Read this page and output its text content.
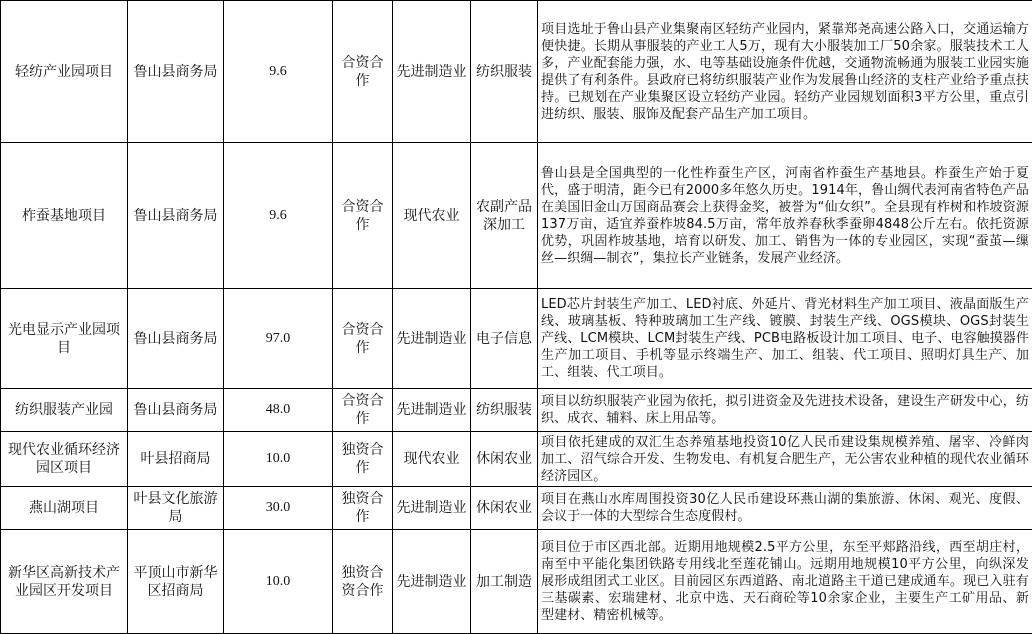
轻纺产业园项目	鲁山县商务局	9.6	合资合作	先进制造业	纺织服装	项目选址于鲁山县产业集聚南区轻纺产业园内，紧靠郑尧高速公路入口，交通运输方便快捷。长期从事服装的产业工人5万，现有大小服装加工厂50余家。服装技术工人多，产业配套能力强，水、电等基础设施条件优越，交通物流畅通为服装工业园实施提供了有利条件。县政府已将纺织服装产业作为发展鲁山经济的支柱产业给予重点扶持。已规划在产业集聚区设立轻纺产业园。轻纺产业园规划面积3平方公里，重点引进纺织、服装、服饰及配套产品生产加工项目。
柞蚕基地项目	鲁山县商务局	9.6	合资合作	现代农业	农副产品深加工	鲁山县是全国典型的一化性柞蚕生产区，河南省柞蚕生产基地县。柞蚕生产始于夏代，盛于明清，距今已有2000多年悠久历史。1914年，鲁山绸代表河南省特色产品在美国旧金山万国商品赛会上获得金奖，被誉为“仙女织”。全县现有柞树和柞坡资源137万亩，适宜养蚕柞坡84.5万亩，常年放养春秋季蚕卵4848公斤左右。依托资源优势，巩固柞坡基地，培育以研发、加工、销售为一体的专业园区，实现“蚕茧—缫丝—织绸—制衣”，集拉长产业链条，发展产业经济。
光电显示产业园项目	鲁山县商务局	97.0	合资合作	先进制造业	电子信息	LED芯片封装生产加工、LED衬底、外延片、背光材料生产加工项目、液晶面版生产线、玻璃基板、特种玻璃加工生产线、镀膜、封装生产线、OGS模块、OGS封装生产线、LCM模块、LCM封装生产线、PCB电路板设计加工项目、电子、电容触摸器件生产加工项目、手机等显示终端生产、加工、组装、代工项目、照明灯具生产、加工、组装、代工项目。
纺织服装产业园	鲁山县商务局	48.0	合资合作	先进制造业	纺织服装	项目以纺织服装产业园为依托，拟引进资金及先进技术设备，建设生产研发中心，纺织、成衣、辅料、床上用品等。
现代农业循环经济园区项目	叶县招商局	10.0	独资合作	现代农业	休闲农业	项目依托建成的双汇生态养殖基地投资10亿人民币建设集规模养殖、屠宰、冷鲜肉加工、沼气综合开发、生物发电、有机复合肥生产，无公害农业种植的现代农业循环经济园区。
燕山湖项目	叶县文化旅游局	30.0	独资合作	先进制造业	休闲农业	项目在燕山水库周围投资30亿人民币建设环燕山湖的集旅游、休闲、观光、度假、会议于一体的大型综合生态度假村。
新华区高新技术产业园区开发项目	平顶山市新华区招商局	10.0	独资合资合作	先进制造业	加工制造	项目位于市区西北部。近期用地规模2.5平方公里，东至平郏路沿线，西至胡庄村，南至中平能化集团铁路专用线北至莲花铺山。远期用地规模10平方公里，向纵深发展形成组团式工业区。目前园区东西道路、南北道路主干道已建成通车。现已入驻有三基碳素、宏瑞建材、北京中选、天石商砼等10余家企业，主要生产工矿用品、新型建材、精密机械等。
